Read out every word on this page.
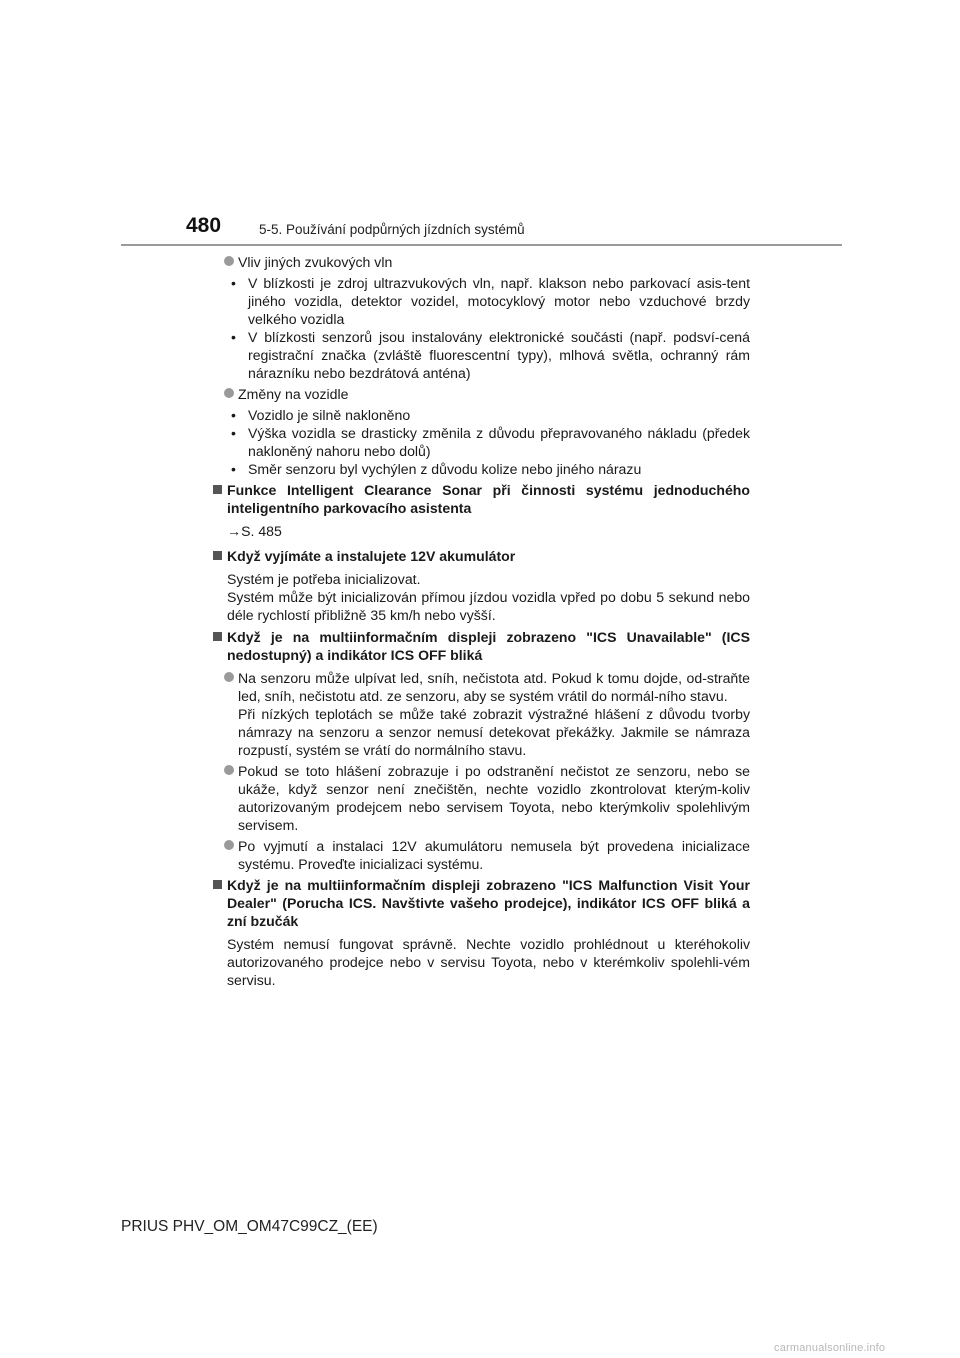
480	5-5. Používání podpůrných jízdních systémů
Vliv jiných zvukových vln
• V blízkosti je zdroj ultrazvukových vln, např. klakson nebo parkovací asis-tent jiného vozidla, detektor vozidel, motocyklový motor nebo vzduchové brzdy velkého vozidla
• V blízkosti senzorů jsou instalovány elektronické součásti (např. podsví-cená registrační značka (zvláště fluorescentní typy), mlhová světla, ochranný rám nárazníku nebo bezdrátová anténa)
Změny na vozidle
• Vozidlo je silně nakloněno
• Výška vozidla se drasticky změnila z důvodu přepravovaného nákladu (předek nakloněný nahoru nebo dolů)
• Směr senzoru byl vychýlen z důvodu kolize nebo jiného nárazu
Funkce Intelligent Clearance Sonar při činnosti systému jednoduchého inteligentního parkovacího asistenta
→S. 485
Když vyjímáte a instalujete 12V akumulátor
Systém je potřeba inicializovat.
Systém může být inicializován přímou jízdou vozidla vpřed po dobu 5 sekund nebo déle rychlostí přibližně 35 km/h nebo vyšší.
Když je na multiinformačním displeji zobrazeno "ICS Unavailable" (ICS nedostupný) a indikátor ICS OFF bliká
Na senzoru může ulpívat led, sníh, nečistota atd. Pokud k tomu dojde, od-straňte led, sníh, nečistotu atd. ze senzoru, aby se systém vrátil do normál-ního stavu.
Při nízkých teplotách se může také zobrazit výstražné hlášení z důvodu tvorby námrazy na senzoru a senzor nemusí detekovat překážky. Jakmile se námraza rozpustí, systém se vrátí do normálního stavu.
Pokud se toto hlášení zobrazuje i po odstranění nečistot ze senzoru, nebo se ukáže, když senzor není znečištěn, nechte vozidlo zkontrolovat kterým-koliv autorizovaným prodejcem nebo servisem Toyota, nebo kterýmkoliv spolehlivým servisem.
Po vyjmutí a instalaci 12V akumulátoru nemusela být provedena inicializace systému. Proveďte inicializaci systému.
Když je na multiinformačním displeji zobrazeno "ICS Malfunction Visit Your Dealer" (Porucha ICS. Navštivte vašeho prodejce), indikátor ICS OFF bliká a zní bzučák
Systém nemusí fungovat správně. Nechte vozidlo prohlédnout u kteréhokoliv autorizovaného prodejce nebo v servisu Toyota, nebo v kterémkoliv spolehli-vém servisu.
PRIUS PHV_OM_OM47C99CZ_(EE)
carmanualsonline.info
